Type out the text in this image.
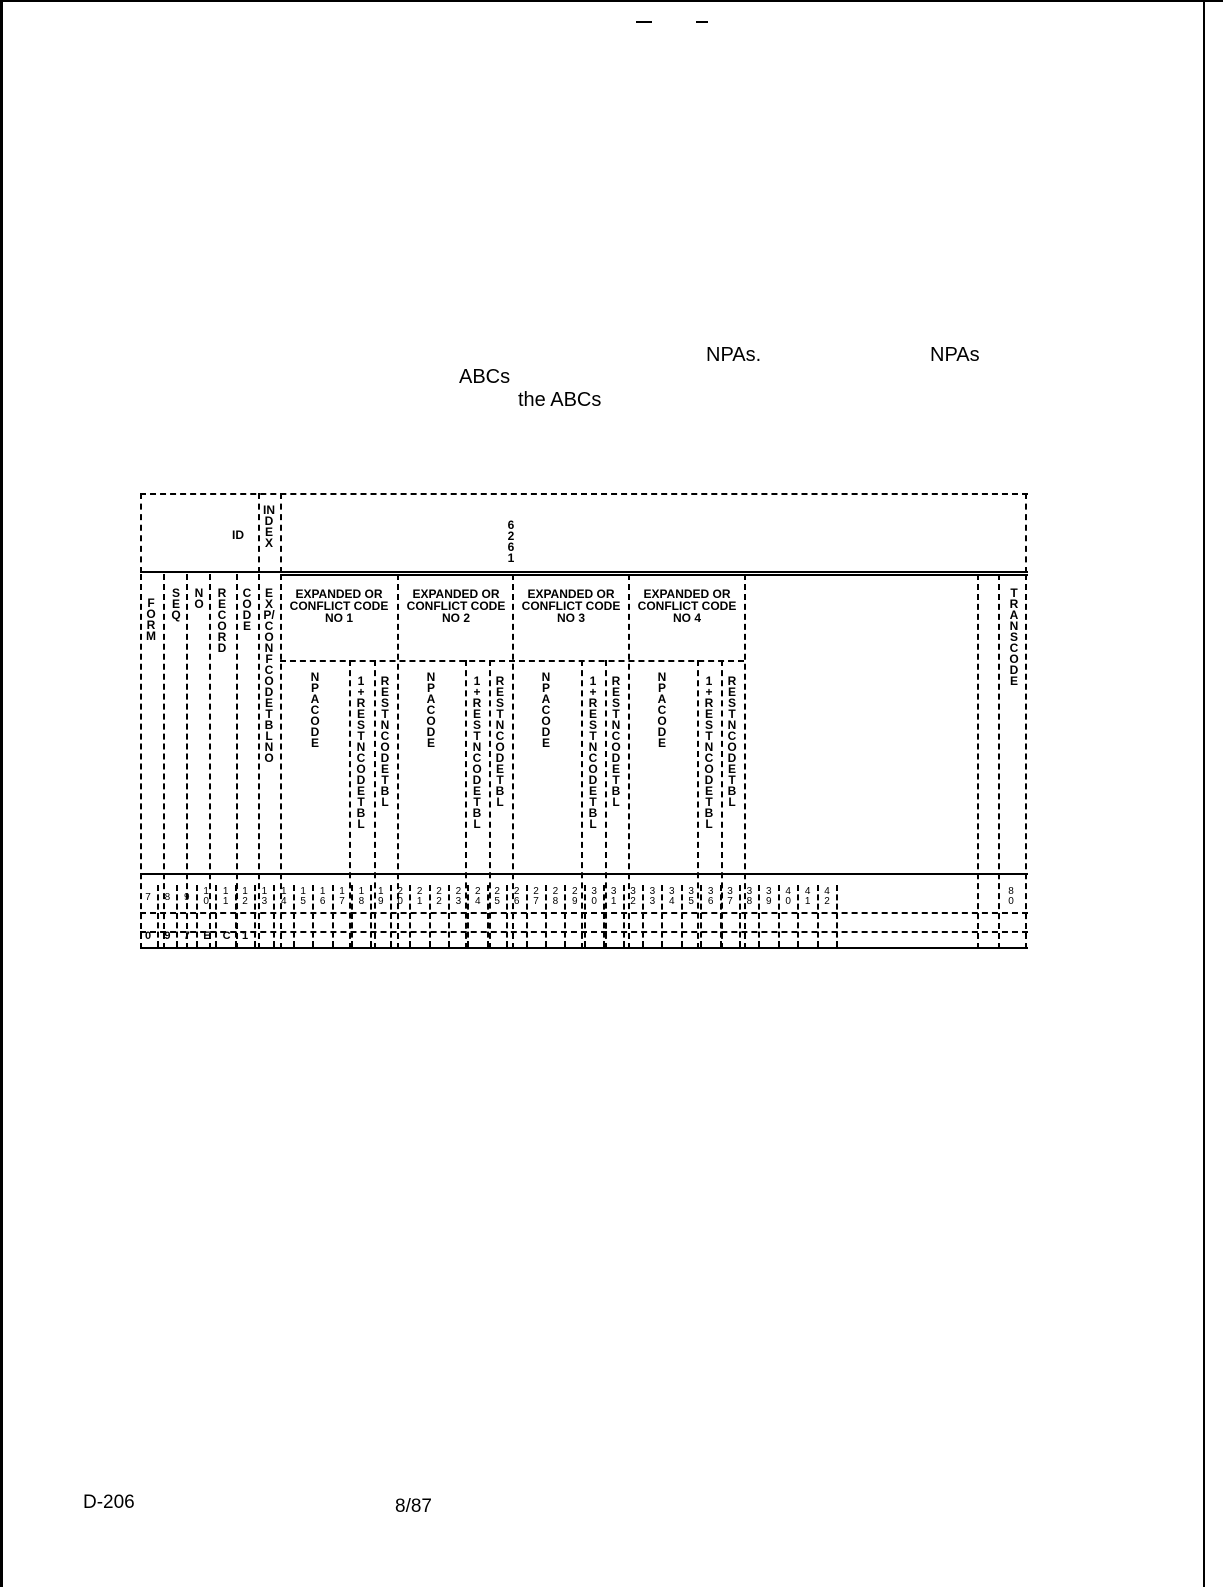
NPAs.	NPAs
ABCs
the ABCs
ID
INDEX
6261
FORM
SEQ
NO
RECORD
CODE
EXP/CONF CODE TBL NO
TRANS CODE
EXPANDED OR CONFLICT CODE NO 1
EXPANDED OR CONFLICT CODE NO 2
EXPANDED OR CONFLICT CODE NO 3
EXPANDED OR CONFLICT CODE NO 4
NPA CODE
1+RESTN CODE TBL
RESTN CODE TBL
NPA CODE
1+RESTN CODE TBL
RESTN CODE TBL
NPA CODE
1+RESTN CODE TBL
RESTN CODE TBL
NPA CODE
1+RESTN CODE TBL
RESTN CODE TBL
7 8 9
10
11
12
13
14
15
16
17
18
19
20
21
22
23
24
25
26
27
28
29
30
31
32
33
34
35
36
37
38
39
40
41
42
80
0 9 7 E C 1
D-206	8/87
